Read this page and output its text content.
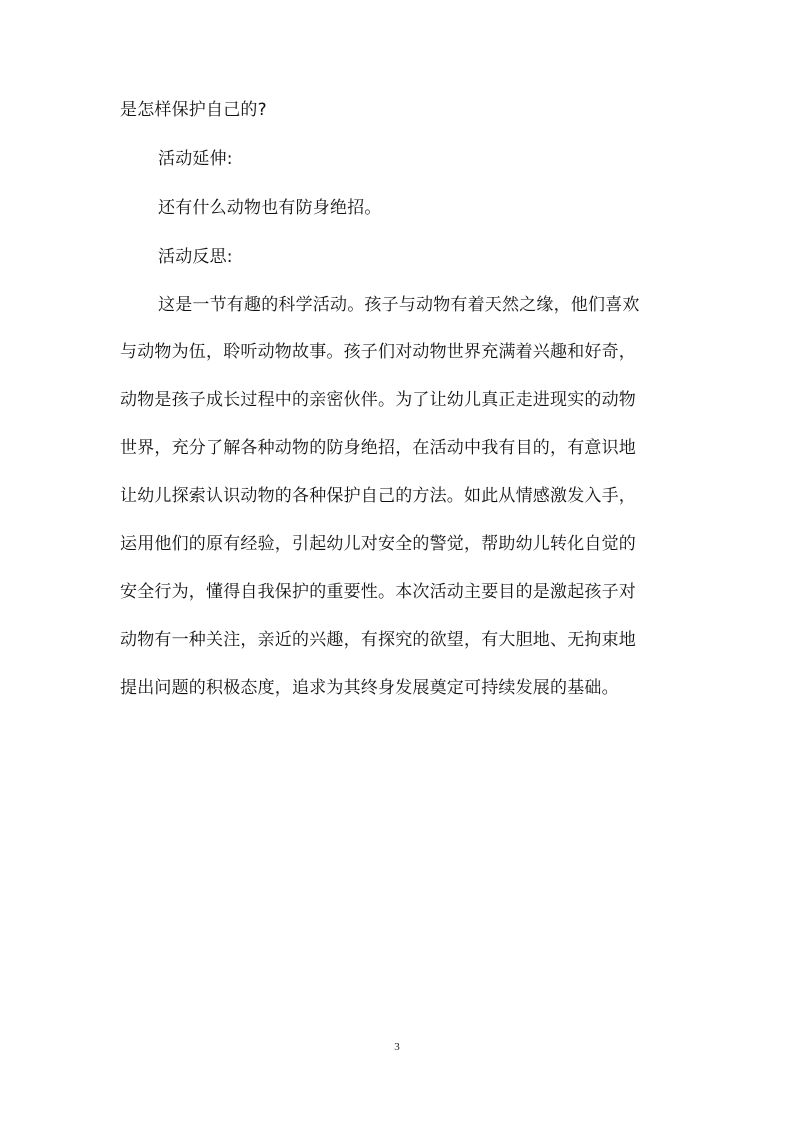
是怎样保护自己的?
活动延伸:
还有什么动物也有防身绝招。
活动反思:
这是一节有趣的科学活动。孩子与动物有着天然之缘，他们喜欢
与动物为伍，聆听动物故事。孩子们对动物世界充满着兴趣和好奇，
动物是孩子成长过程中的亲密伙伴。为了让幼儿真正走进现实的动物
世界，充分了解各种动物的防身绝招，在活动中我有目的，有意识地
让幼儿探索认识动物的各种保护自己的方法。如此从情感激发入手，
运用他们的原有经验，引起幼儿对安全的警觉，帮助幼儿转化自觉的
安全行为，懂得自我保护的重要性。本次活动主要目的是激起孩子对
动物有一种关注，亲近的兴趣，有探究的欲望，有大胆地、无拘束地
提出问题的积极态度，追求为其终身发展奠定可持续发展的基础。
3
